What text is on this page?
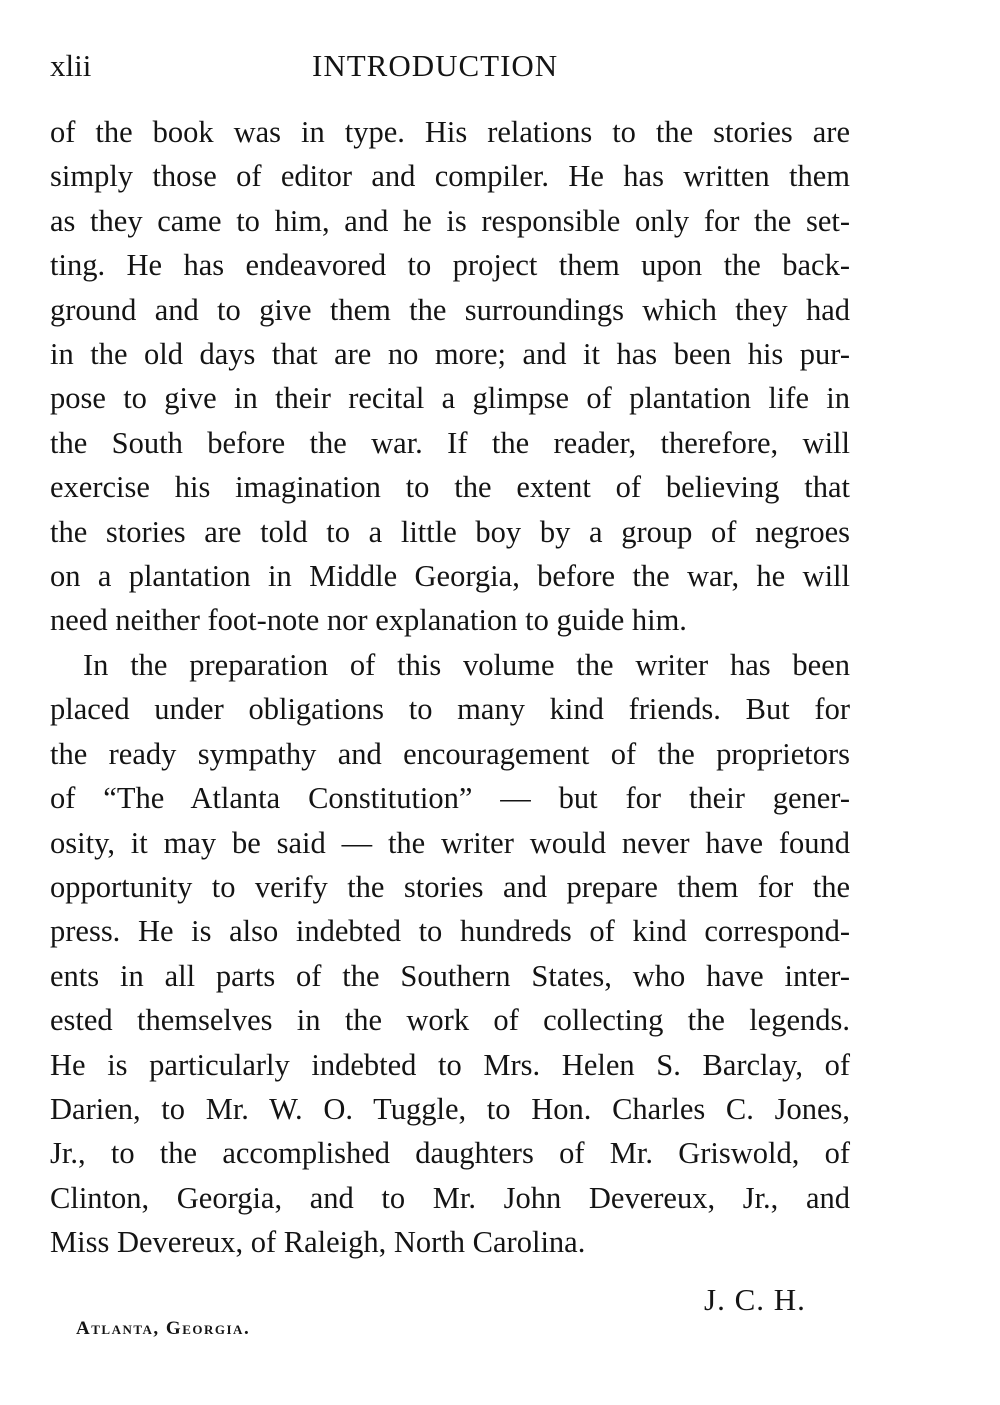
xlii	INTRODUCTION
of the book was in type. His relations to the stories are
simply those of editor and compiler. He has written them
as they came to him, and he is responsible only for the set-
ting. He has endeavored to project them upon the back-
ground and to give them the surroundings which they had
in the old days that are no more; and it has been his pur-
pose to give in their recital a glimpse of plantation life in
the South before the war. If the reader, therefore, will
exercise his imagination to the extent of believing that
the stories are told to a little boy by a group of negroes
on a plantation in Middle Georgia, before the war, he will
need neither foot-note nor explanation to guide him.
In the preparation of this volume the writer has been
placed under obligations to many kind friends. But for
the ready sympathy and encouragement of the proprietors
of “The Atlanta Constitution” — but for their gener-
osity, it may be said — the writer would never have found
opportunity to verify the stories and prepare them for the
press. He is also indebted to hundreds of kind correspond-
ents in all parts of the Southern States, who have inter-
ested themselves in the work of collecting the legends.
He is particularly indebted to Mrs. Helen S. Barclay, of
Darien, to Mr. W. O. Tuggle, to Hon. Charles C. Jones,
Jr., to the accomplished daughters of Mr. Griswold, of
Clinton, Georgia, and to Mr. John Devereux, Jr., and
Miss Devereux, of Raleigh, North Carolina.
J. C. H.
Atlanta, Georgia.
